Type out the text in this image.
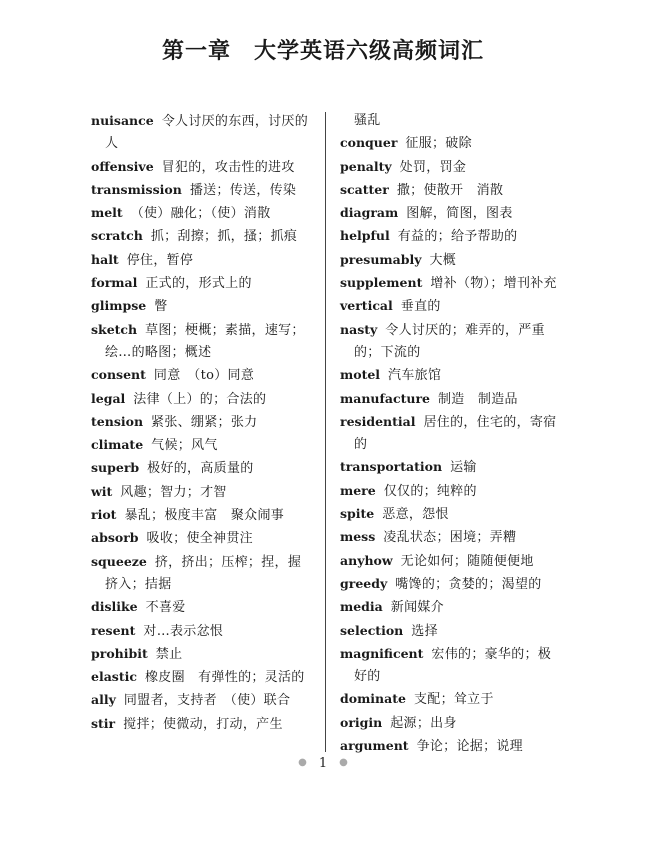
第一章　大学英语六级高频词汇

nuisance 令人讨厌的东西，讨厌的人

offensive 冒犯的，攻击性的进攻

transmission 播送；传送，传染

melt （使）融化；（使）消散

scratch 抓；刮擦；抓，搔；抓痕

halt 停住，暂停

formal 正式的，形式上的

glimpse 瞥

sketch 草图；梗概；素描，速写；绘…的略图；概述

consent 同意　（to）同意

legal 法律（上）的；合法的

tension 紧张、绷紧；张力

climate 气候；风气

superb 极好的，高质量的

wit 风趣；智力；才智

riot 暴乱；极度丰富　聚众闹事

absorb 吸收；使全神贯注

squeeze 挤，挤出；压榨；捏，握　挤入；拮据

dislike 不喜爱

resent 对…表示忿恨

prohibit 禁止

elastic 橡皮圈　有弹性的；灵活的

ally 同盟者，支持者　（使）联合

stir 搅拌；使微动，打动，产生

骚乱

conquer 征服；破除

penalty 处罚，罚金

scatter 撒；使散开　消散

diagram 图解，简图，图表

helpful 有益的；给予帮助的

presumably 大概

supplement 增补（物）；增刊补充

vertical 垂直的

nasty 令人讨厌的；难弄的，严重的；下流的

motel 汽车旅馆

manufacture 制造　制造品

residential 居住的，住宅的，寄宿的

transportation 运输

mere 仅仅的；纯粹的

spite 恶意，怨恨

mess 凌乱状态；困境；弄糟

anyhow 无论如何；随随便便地

greedy 嘴馋的；贪婪的；渴望的

media 新闻媒介

selection 选择

magnificent 宏伟的；豪华的；极好的

dominate 支配；耸立于

origin 起源；出身

argument 争论；论据；说理

● 1 ●
